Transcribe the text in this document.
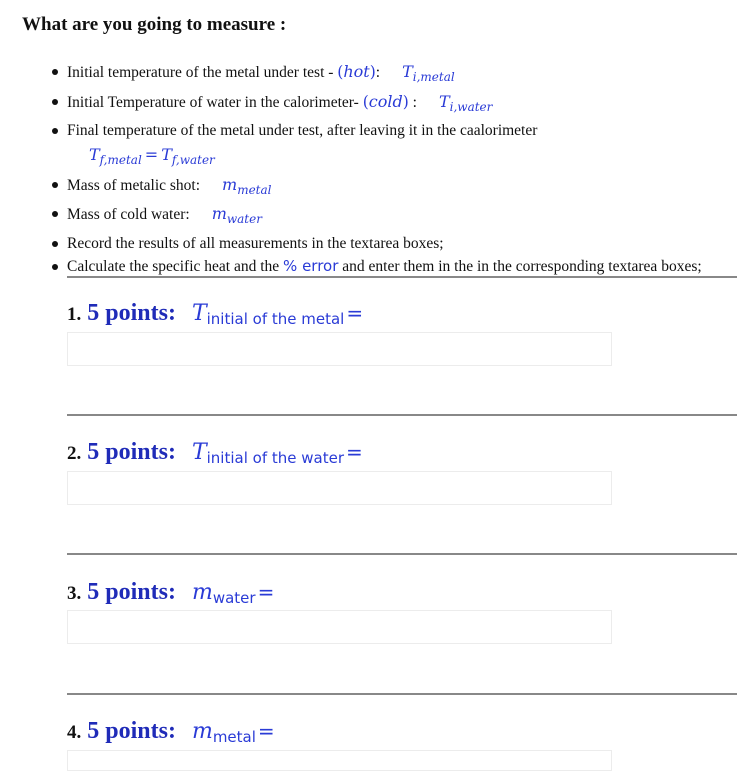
What are you going to measure :
Initial temperature of the metal under test - (hot): $T_{i,metal}$
Initial Temperature of water in the calorimeter- (cold) : $T_{i,water}$
Final temperature of the metal under test, after leaving it in the caalorimeter
$T_{f,metal} = T_{f,water}$
Mass of metalic shot: $m_{metal}$
Mass of cold water: $m_{water}$
Record the results of all measurements in the textarea boxes;
Calculate the specific heat and the % error and enter them in the in the corresponding textarea boxes;
1. 5 points: T initial of the metal =
2. 5 points: T initial of the water =
3. 5 points: m water =
4. 5 points: m metal =
